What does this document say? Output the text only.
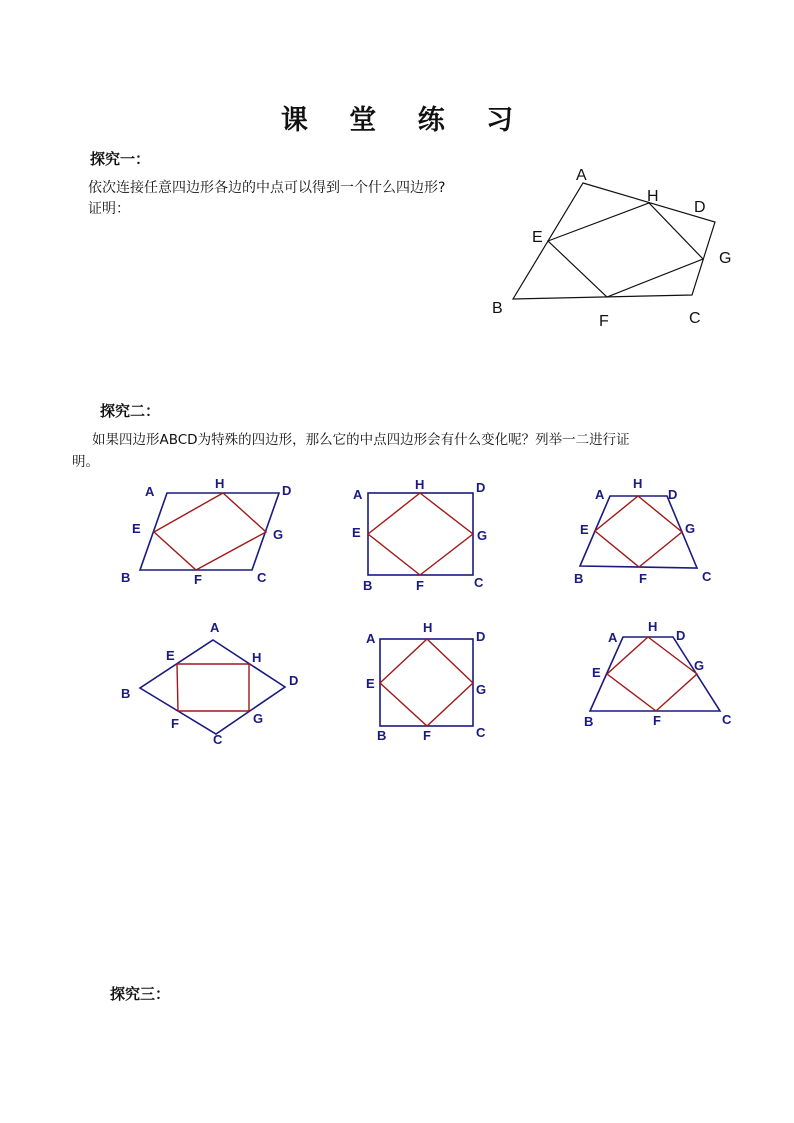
课 堂 练 习
探究一：
依次连接任意四边形各边的中点可以得到一个什么四边形?
证明：
A
H
D
E
G
B
F	C
探究二：
如果四边形ABCD为特殊的四边形，那么它的中点四边形会有什么变化呢？列举一二进行证
明。
A
H	D
E	G
B	F	C
A
H	D
E	G
B	F	C
A
H
D
E	G
B	F	C
A
E	H
B
D
F	G
C
A
H
D
E	G
B	F	C
A
H
D
E	G
B	F	C
探究三：
